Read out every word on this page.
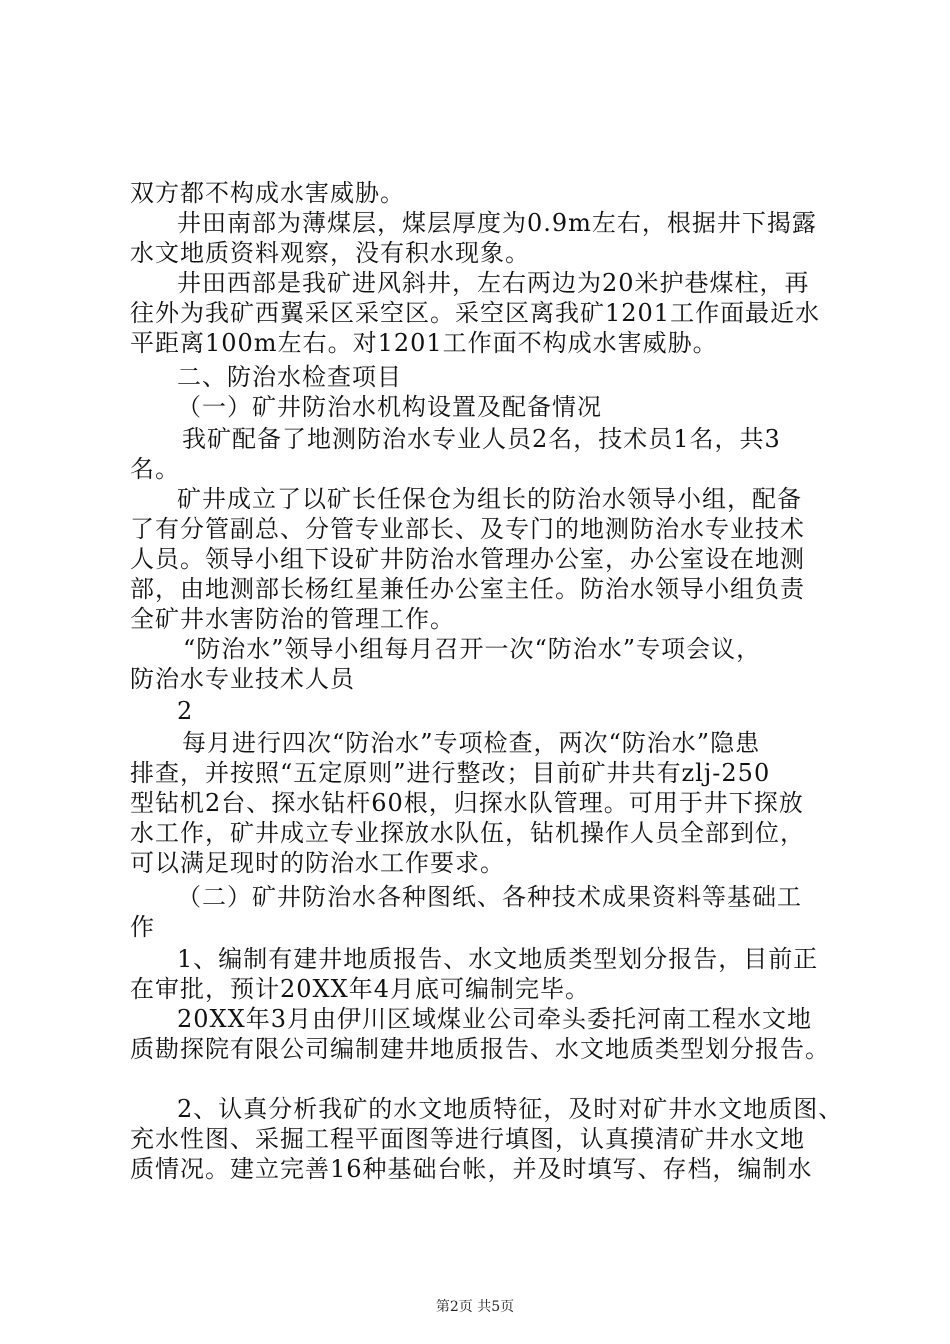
双方都不构成水害威胁。
井田南部为薄煤层，煤层厚度为0.9m左右，根据井下揭露
水文地质资料观察，没有积水现象。
井田西部是我矿进风斜井，左右两边为20米护巷煤柱，再
往外为我矿西翼采区采空区。采空区离我矿1201工作面最近水
平距离100m左右。对1201工作面不构成水害威胁。
二、防治水检查项目
（一）矿井防治水机构设置及配备情况
我矿配备了地测防治水专业人员2名，技术员1名，共3
名。
矿井成立了以矿长任保仓为组长的防治水领导小组，配备
了有分管副总、分管专业部长、及专门的地测防治水专业技术
人员。领导小组下设矿井防治水管理办公室，办公室设在地测
部，由地测部长杨红星兼任办公室主任。防治水领导小组负责
全矿井水害防治的管理工作。
“防治水”领导小组每月召开一次“防治水”专项会议，
防治水专业技术人员
2
每月进行四次“防治水”专项检查，两次“防治水”隐患
排查，并按照“五定原则”进行整改；目前矿井共有zlj-250
型钻机2台、探水钻杆60根，归探水队管理。可用于井下探放
水工作，矿井成立专业探放水队伍，钻机操作人员全部到位，
可以满足现时的防治水工作要求。
（二）矿井防治水各种图纸、各种技术成果资料等基础工
作
1、编制有建井地质报告、水文地质类型划分报告，目前正
在审批，预计20XX年4月底可编制完毕。
20XX年3月由伊川区域煤业公司牵头委托河南工程水文地
质勘探院有限公司编制建井地质报告、水文地质类型划分报告。
2、认真分析我矿的水文地质特征，及时对矿井水文地质图、
充水性图、采掘工程平面图等进行填图，认真摸清矿井水文地
质情况。建立完善16种基础台帐，并及时填写、存档，编制水
第2页 共5页
